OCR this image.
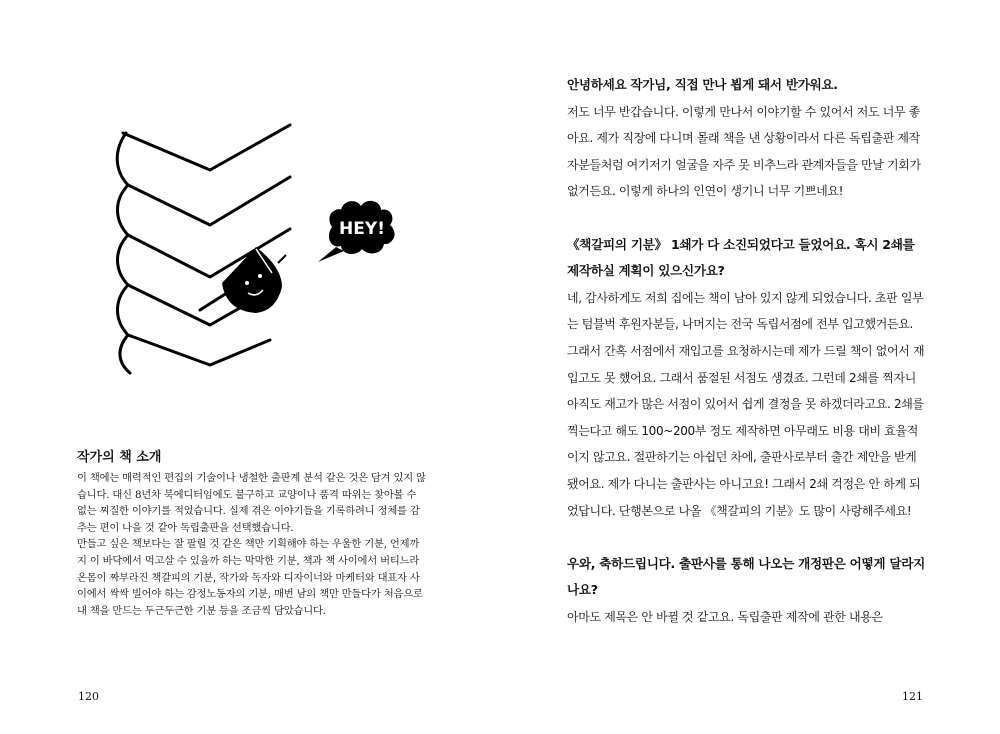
HEY!
작가의 책 소개

이 책에는 매력적인 편집의 기술이나 냉철한 출판계 분석 같은 것은 담겨 있지 않습니다. 대신 8년차 북에디터임에도 불구하고 교양이나 품격 따위는 찾아볼 수 없는 찌질한 이야기를 적었습니다. 실제 겪은 이야기들을 기록하려니 정체를 감추는 편이 나을 것 같아 독립출판을 선택했습니다.

만들고 싶은 책보다는 잘 팔릴 것 같은 책만 기획해야 하는 우울한 기분, 언제까지 이 바닥에서 먹고살 수 있을까 하는 막막한 기분, 책과 책 사이에서 버티느라 온몸이 짜부라진 책갈피의 기분, 작가와 독자와 디자이너와 마케터와 대표자 사이에서 싹싹 빌어야 하는 감정노동자의 기분, 매번 남의 책만 만들다가 처음으로 내 책을 만드는 두근두근한 기분 등을 조금씩 담았습니다.

120

안녕하세요 작가님, 직접 만나 뵙게 돼서 반가워요.

저도 너무 반갑습니다. 이렇게 만나서 이야기할 수 있어서 저도 너무 좋아요. 제가 직장에 다니며 몰래 책을 낸 상황이라서 다른 독립출판 제작자분들처럼 여기저기 얼굴을 자주 못 비추느라 관계자들을 만날 기회가 없거든요. 이렇게 하나의 인연이 생기니 너무 기쁘네요!

《책갈피의 기분》 1쇄가 다 소진되었다고 들었어요. 혹시 2쇄를 제작하실 계획이 있으신가요?

네, 감사하게도 저희 집에는 책이 남아 있지 않게 되었습니다. 초판 일부는 텀블벅 후원자분들, 나머지는 전국 독립서점에 전부 입고했거든요. 그래서 간혹 서점에서 재입고를 요청하시는데 제가 드릴 책이 없어서 재입고도 못 했어요. 그래서 품절된 서점도 생겼죠. 그런데 2쇄를 찍자니 아직도 재고가 많은 서점이 있어서 쉽게 결정을 못 하겠더라고요. 2쇄를 찍는다고 해도 100~200부 정도 제작하면 아무래도 비용 대비 효율적이지 않고요. 절판하기는 아쉽던 차에, 출판사로부터 출간 제안을 받게 됐어요. 제가 다니는 출판사는 아니고요! 그래서 2쇄 걱정은 안 하게 되었답니다. 단행본으로 나올 《책갈피의 기분》도 많이 사랑해주세요!

우와, 축하드립니다. 출판사를 통해 나오는 개정판은 어떻게 달라지나요?

아마도 제목은 안 바뀔 것 같고요. 독립출판 제작에 관한 내용은

121
